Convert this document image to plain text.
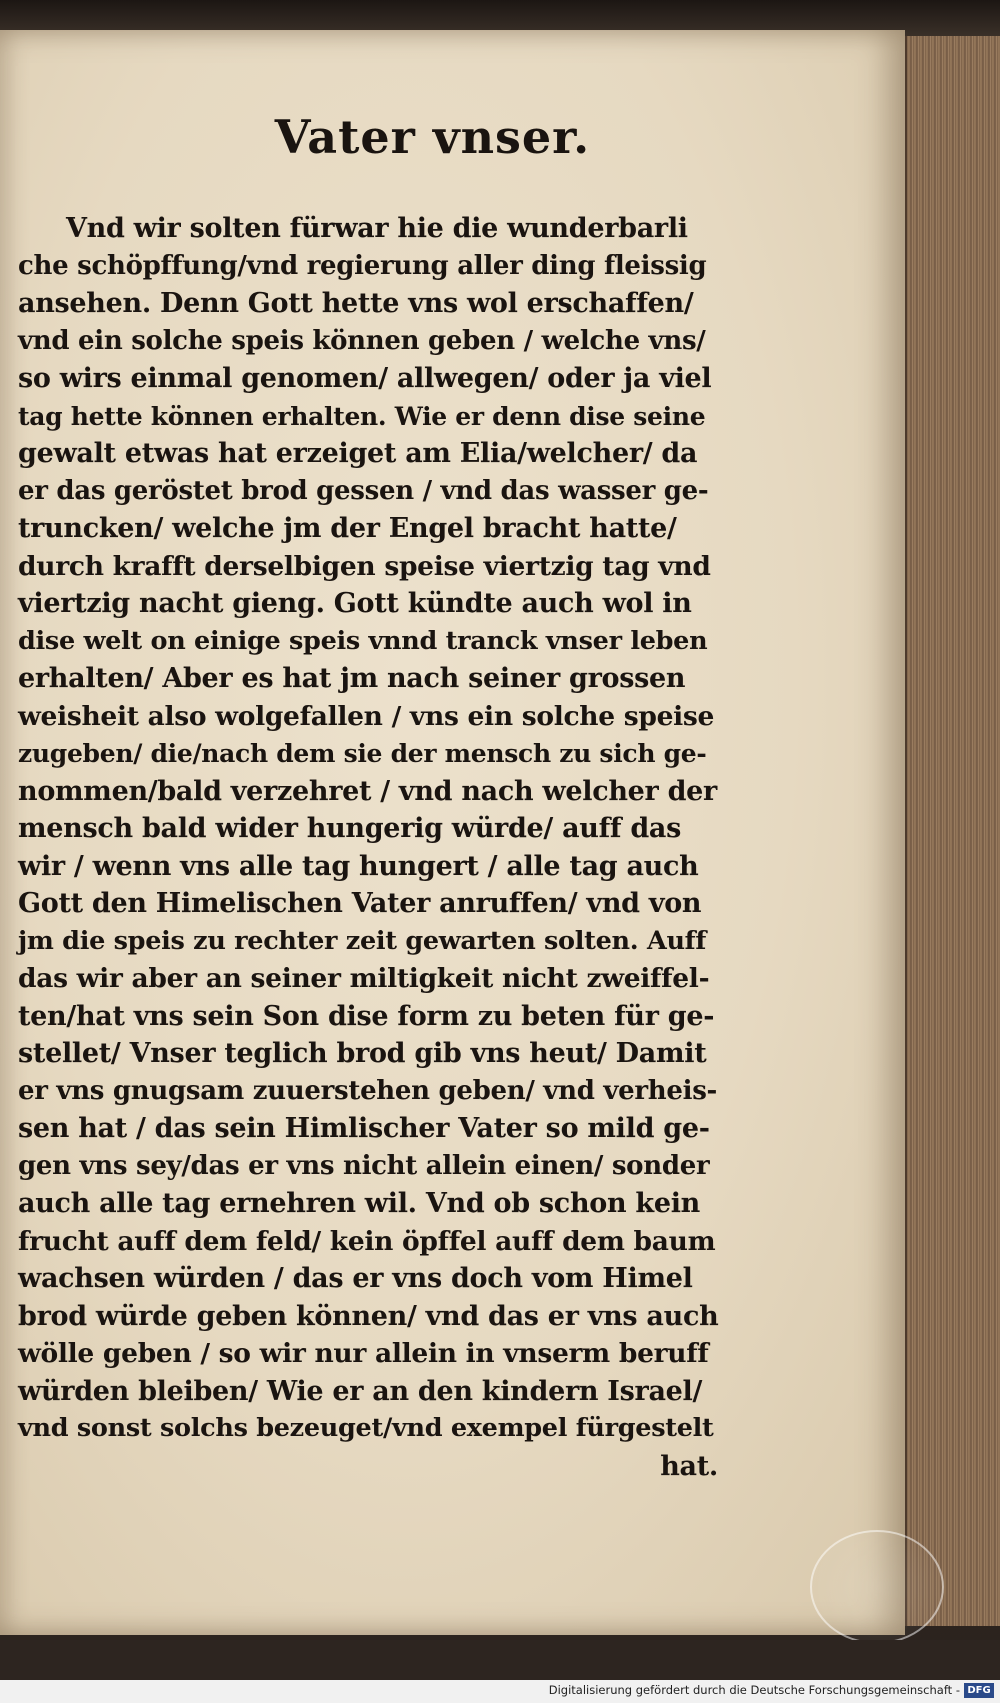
Vater vnser.
Vnd wir solten fürwar hie die wunderbarli
che schöpffung/vnd regierung aller ding fleissig
ansehen. Denn Gott hette vns wol erschaffen/
vnd ein solche speis können geben / welche vns/
so wirs einmal genomen/ allwegen/ oder ja viel
tag hette können erhalten. Wie er denn dise seine
gewalt etwas hat erzeiget am Elia/welcher/ da
er das geröstet brod gessen / vnd das wasser ge-
truncken/ welche jm der Engel bracht hatte/
durch krafft derselbigen speise viertzig tag vnd
viertzig nacht gieng. Gott kündte auch wol in
dise welt on einige speis vnnd tranck vnser leben
erhalten/ Aber es hat jm nach seiner grossen
weisheit also wolgefallen / vns ein solche speise
zugeben/ die/nach dem sie der mensch zu sich ge-
nommen/bald verzehret / vnd nach welcher der
mensch bald wider hungerig würde/ auff das
wir / wenn vns alle tag hungert / alle tag auch
Gott den Himelischen Vater anruffen/ vnd von
jm die speis zu rechter zeit gewarten solten. Auff
das wir aber an seiner miltigkeit nicht zweiffel-
ten/hat vns sein Son dise form zu beten für ge-
stellet/ Vnser teglich brod gib vns heut/ Damit
er vns gnugsam zuuerstehen geben/ vnd verheis-
sen hat / das sein Himlischer Vater so mild ge-
gen vns sey/das er vns nicht allein einen/ sonder
auch alle tag ernehren wil. Vnd ob schon kein
frucht auff dem feld/ kein öpffel auff dem baum
wachsen würden / das er vns doch vom Himel
brod würde geben können/ vnd das er vns auch
wölle geben / so wir nur allein in vnserm beruff
würden bleiben/ Wie er an den kindern Israel/
vnd sonst solchs bezeuget/vnd exempel fürgestelt
hat.
Digitalisierung gefördert durch die Deutsche Forschungsgemeinschaft - DFG
